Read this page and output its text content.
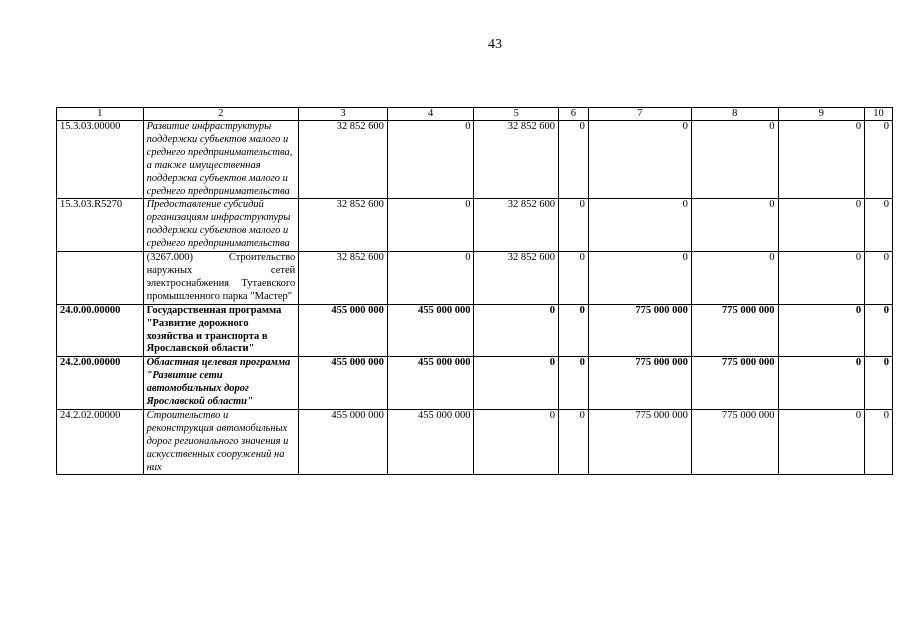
43
1	2	3	4	5	6	7	8	9	10
15.3.03.00000	Развитие инфраструктуры поддержки субъектов малого и среднего предпринимательства, а также имущественная поддержка субъектов малого и среднего предпринимательства	32 852 600	0	32 852 600	0	0	0	0	0
15.3.03.R5270	Предоставление субсидий организациям инфраструктуры поддержки субъектов малого и среднего предпринимательства	32 852 600	0	32 852 600	0	0	0	0	0
	(3267.000) Строительство наружных сетей электроснабжения Тутаевского промышленного парка "Мастер"	32 852 600	0	32 852 600	0	0	0	0	0
24.0.00.00000	Государственная программа "Развитие дорожного хозяйства и транспорта в Ярославской области"	455 000 000	455 000 000	0	0	775 000 000	775 000 000	0	0
24.2.00.00000	Областная целевая программа "Развитие сети автомобильных дорог Ярославской области"	455 000 000	455 000 000	0	0	775 000 000	775 000 000	0	0
24.2.02.00000	Строительство и реконструкция автомобильных дорог регионального значения и искусственных сооружений на них	455 000 000	455 000 000	0	0	775 000 000	775 000 000	0	0
